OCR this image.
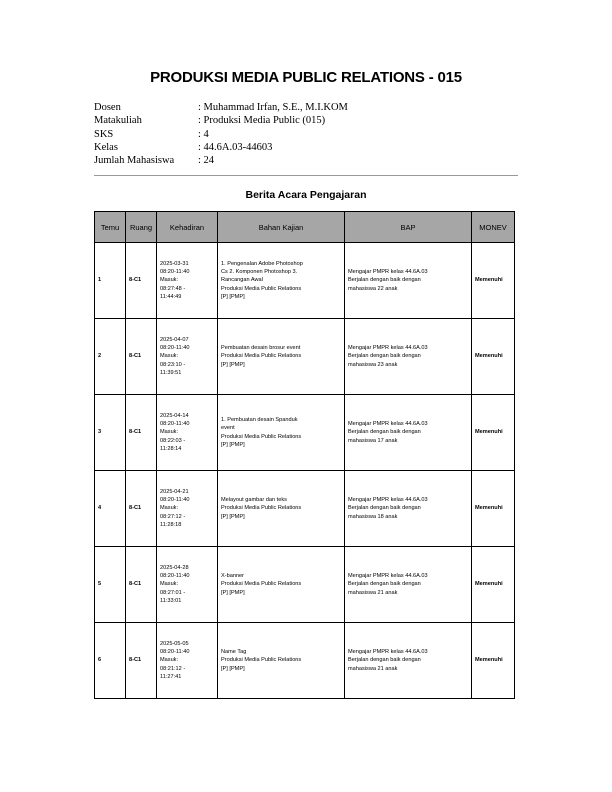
PRODUKSI MEDIA PUBLIC RELATIONS - 015
Dosen	: Muhammad Irfan, S.E., M.I.KOM
Matakuliah	: Produksi Media Public (015)
SKS	: 4
Kelas	: 44.6A.03-44603
Jumlah Mahasiswa	: 24
Berita Acara Pengajaran
Temu	Ruang	Kehadiran	Bahan Kajian	BAP	MONEV
1	8-C1	2025-03-31
08:20-11:40
Masuk:
08:27:48 -
11:44:49	1. Pengenalan Adobe Photoshop
Cs 2. Komponen Photoshop 3.
Rancangan Awal
Produksi Media Public Relations
[P] [PMP]	Mengajar PMPR kelas 44.6A.03
Berjalan dengan baik dengan
mahasiswa 22 anak	Memenuhi
2	8-C1	2025-04-07
08:20-11:40
Masuk:
08:23:10 -
11:39:51	Pembuatan desain brosur event
Produksi Media Public Relations
[P] [PMP]	Mengajar PMPR kelas 44.6A.03
Berjalan dengan baik dengan
mahasiswa 23 anak	Memenuhi
3	8-C1	2025-04-14
08:20-11:40
Masuk:
08:22:03 -
11:28:14	1. Pembuatan desain Spanduk
event
Produksi Media Public Relations
[P] [PMP]	Mengajar PMPR kelas 44.6A.03
Berjalan dengan baik dengan
mahasiswa 17 anak	Memenuhi
4	8-C1	2025-04-21
08:20-11:40
Masuk:
08:27:12 -
11:28:18	Melayout gambar dan teks
Produksi Media Public Relations
[P] [PMP]	Mengajar PMPR kelas 44.6A.03
Berjalan dengan baik dengan
mahasiswa 18 anak	Memenuhi
5	8-C1	2025-04-28
08:20-11:40
Masuk:
08:27:01 -
11:33:01	X-banner
Produksi Media Public Relations
[P] [PMP]	Mengajar PMPR kelas 44.6A.03
Berjalan dengan baik dengan
mahasiswa 21 anak	Memenuhi
6	8-C1	2025-05-05
08:20-11:40
Masuk:
08:21:12 -
11:27:41	Name Tag
Produksi Media Public Relations
[P] [PMP]	Mengajar PMPR kelas 44.6A.03
Berjalan dengan baik dengan
mahasiswa 21 anak	Memenuhi
